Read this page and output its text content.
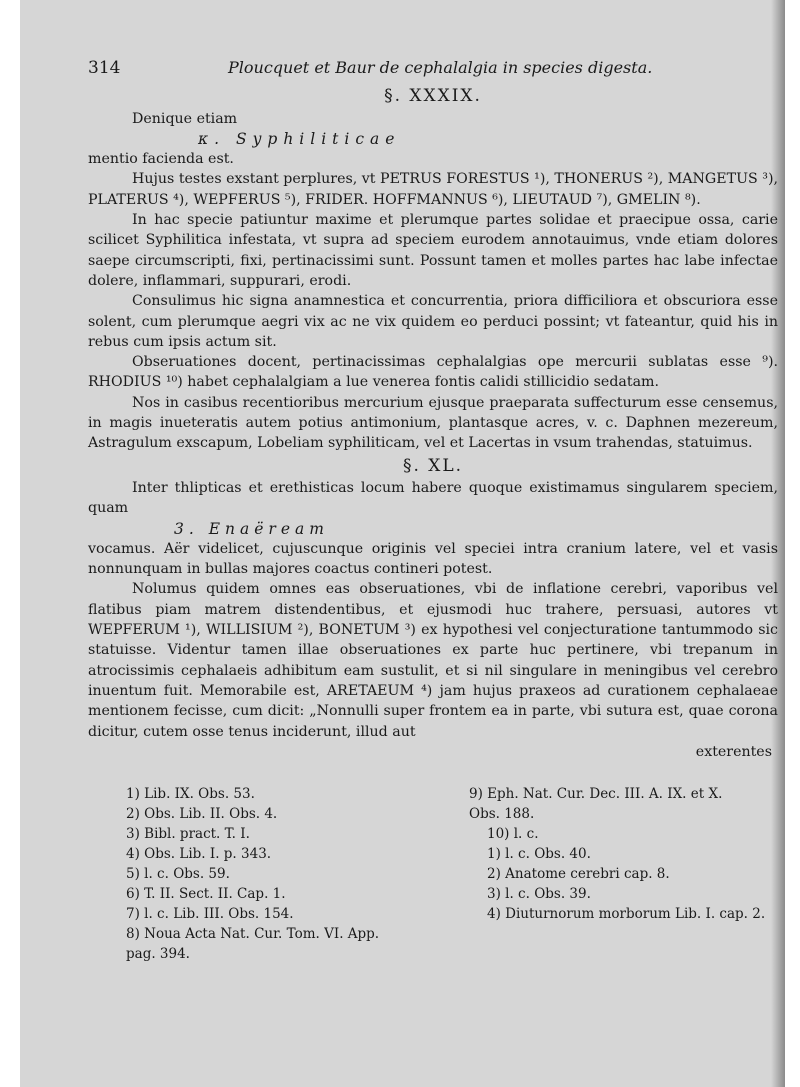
314	Ploucquet et Baur de cephalalgia in species digesta.
§. XXXIX.

Denique etiam

κ. Syphiliticae

mentio facienda est.

Hujus testes exstant perplures, vt PETRUS FORESTUS ¹), THONERUS ²), MANGETUS ³), PLATERUS ⁴), WEPFERUS ⁵), FRIDER. HOFFMANNUS ⁶), LIEUTAUD ⁷), GMELIN ⁸).

In hac specie patiuntur maxime et plerumque partes solidae et praecipue ossa, carie scilicet Syphilitica infestata, vt supra ad speciem eurodem annotauimus, vnde etiam dolores saepe circumscripti, fixi, pertinacissimi sunt. Possunt tamen et molles partes hac labe infectae dolere, inflammari, suppurari, erodi.

Consulimus hic signa anamnestica et concurrentia, priora difficiliora et obscuriora esse solent, cum plerumque aegri vix ac ne vix quidem eo perduci possint; vt fateantur, quid his in rebus cum ipsis actum sit.

Obseruationes docent, pertinacissimas cephalalgias ope mercurii sublatas esse ⁹). RHODIUS ¹⁰) habet cephalalgiam a lue venerea fontis calidi stillicidio sedatam.

Nos in casibus recentioribus mercurium ejusque praeparata suffecturum esse censemus, in magis inueteratis autem potius antimonium, plantasque acres, v. c. Daphnen mezereum, Astragulum exscapum, Lobeliam syphiliticam, vel et Lacertas in vsum trahendas, statuimus.

§. XL.

Inter thlipticas et erethisticas locum habere quoque existimamus singularem speciem, quam

3. Enaëream

vocamus. Aër videlicet, cujuscunque originis vel speciei intra cranium latere, vel et vasis nonnunquam in bullas majores coactus contineri potest.

Nolumus quidem omnes eas obseruationes, vbi de inflatione cerebri, vaporibus vel flatibus piam matrem distendentibus, et ejusmodi huc trahere, persuasi, autores vt WEPFERUM ¹), WILLISIUM ²), BONETUM ³) ex hypothesi vel conjecturatione tantummodo sic statuisse. Videntur tamen illae obseruationes ex parte huc pertinere, vbi trepanum in atrocissimis cephalaeis adhibitum eam sustulit, et si nil singulare in meningibus vel cerebro inuentum fuit. Memorabile est, ARETAEUM ⁴) jam hujus praxeos ad curationem cephalaeae mentionem fecisse, cum dicit: „Nonnulli super frontem ea in parte, vbi sutura est, quae corona dicitur, cutem osse tenus inciderunt, illud aut

exterentes

1) Lib. IX. Obs. 53.
2) Obs. Lib. II. Obs. 4.
3) Bibl. pract. T. I.
4) Obs. Lib. I. p. 343.
5) l. c. Obs. 59.
6) T. II. Sect. II. Cap. 1.
7) l. c. Lib. III. Obs. 154.
8) Noua Acta Nat. Cur. Tom. VI. App.
pag. 394.
9) Eph. Nat. Cur. Dec. III. A. IX. et X.
Obs. 188.
10) l. c.
1) l. c. Obs. 40.
2) Anatome cerebri cap. 8.
3) l. c. Obs. 39.
4) Diuturnorum morborum Lib. I. cap. 2.
